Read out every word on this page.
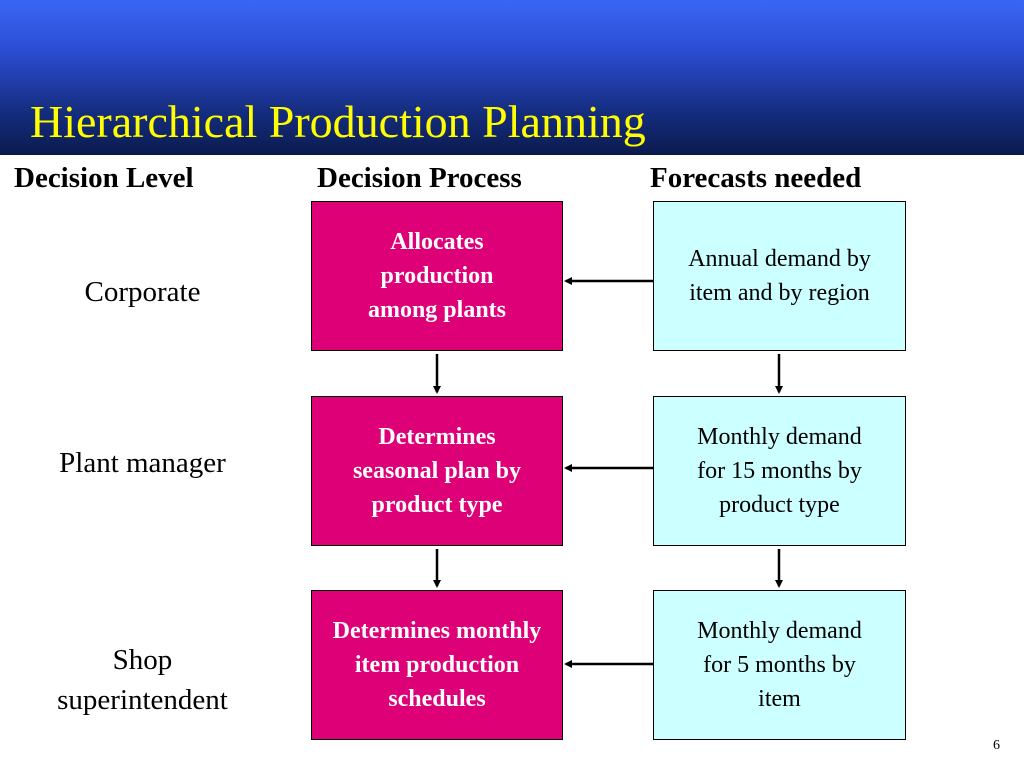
Hierarchical Production Planning
Decision Level	Decision Process	Forecasts needed
Corporate
Allocates
production
among plants
Annual demand by
item and by region
Plant manager
Determines
seasonal plan by
product type
Monthly demand
for 15 months by
product type
Shop
superintendent
Determines monthly
item production
schedules
Monthly demand
for 5 months by
item
6
